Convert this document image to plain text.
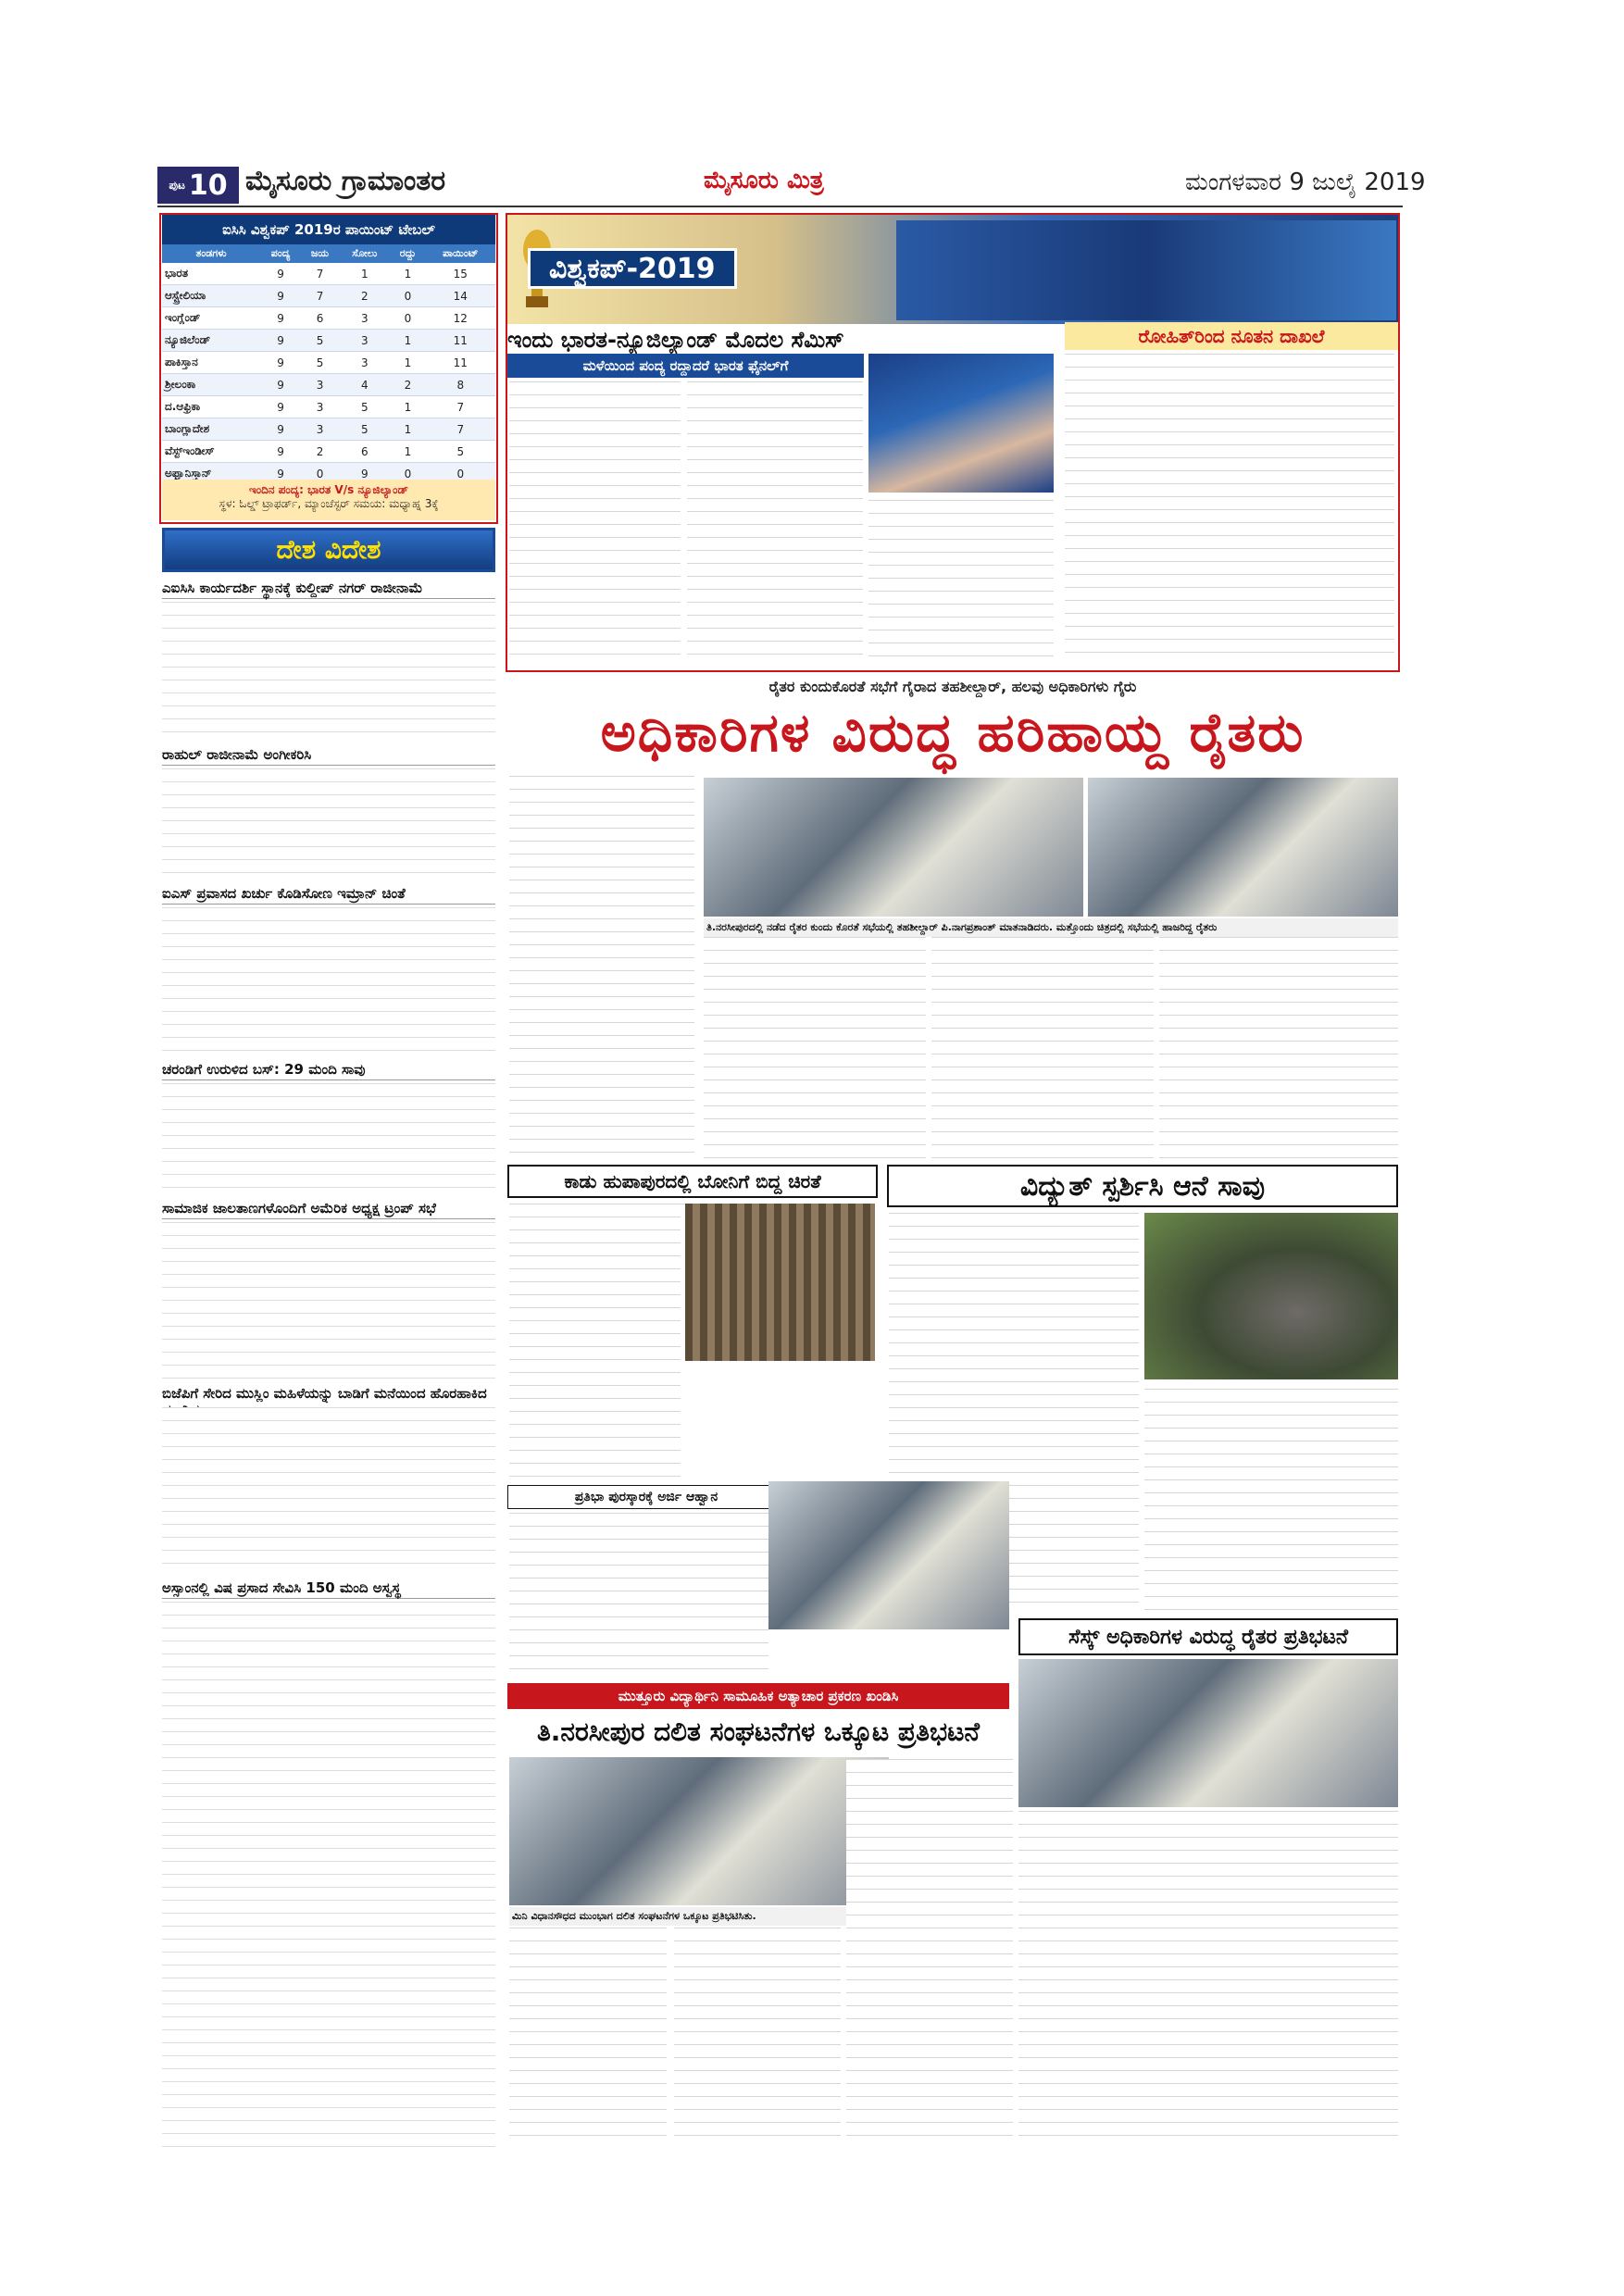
ಪುಟ 10 ಮೈಸೂರು ಗ್ರಾಮಾಂತರ	ಮೈಸೂರು ಮಿತ್ರ	ಮಂಗಳವಾರ 9 ಜುಲೈ 2019
ಐಸಿಸಿ ವಿಶ್ವಕಪ್ 2019ರ ಪಾಯಿಂಟ್ ಟೇಬಲ್
ತಂಡಗಳು	ಪಂದ್ಯ	ಜಯ	ಸೋಲು	ರದ್ದು	ಪಾಯಿಂಟ್
ಭಾರತ	9	7	1	1	15
ಆಸ್ಟ್ರೇಲಿಯಾ	9	7	2	0	14
ಇಂಗ್ಲೆಂಡ್	9	6	3	0	12
ನ್ಯೂಜಿಲೆಂಡ್	9	5	3	1	11
ಪಾಕಿಸ್ತಾನ	9	5	3	1	11
ಶ್ರೀಲಂಕಾ	9	3	4	2	8
ದ.ಆಫ್ರಿಕಾ	9	3	5	1	7
ಬಾಂಗ್ಲಾದೇಶ	9	3	5	1	7
ವೆಸ್ಟ್‌ಇಂಡೀಸ್	9	2	6	1	5
ಅಫ್ಘಾನಿಸ್ತಾನ್	9	0	9	0	0
ಇಂದಿನ ಪಂದ್ಯ: ಭಾರತ V/s ನ್ಯೂಜಿಲ್ಯಾಂಡ್
ಸ್ಥಳ: ಓಲ್ಡ್ ಟ್ರಾಫರ್ಡ್, ಮ್ಯಾಂಚೆಸ್ಟರ್ ಸಮಯ: ಮಧ್ಯಾಹ್ನ 3ಕ್ಕೆ
ದೇಶ ವಿದೇಶ
ಎಐಸಿಸಿ ಕಾರ್ಯದರ್ಶಿ ಸ್ಥಾನಕ್ಕೆ ಕುಲ್ದೀಪ್ ನಗರ್ ರಾಜೀನಾಮೆ
ರಾಹುಲ್ ರಾಜೀನಾಮೆ ಅಂಗೀಕರಿಸಿ
ಐಎಸ್ ಪ್ರವಾಸದ ಖರ್ಚು ಕೊಡಿಸೋಣ ಇಮ್ರಾನ್ ಚಿಂತೆ
ಚರಂಡಿಗೆ ಉರುಳಿದ ಬಸ್: 29 ಮಂದಿ ಸಾವು
ಸಾಮಾಜಿಕ ಜಾಲತಾಣಗಳೊಂದಿಗೆ ಅಮೆರಿಕ ಅಧ್ಯಕ್ಷ ಟ್ರಂಪ್ ಸಭೆ
ಬಿಜೆಪಿಗೆ ಸೇರಿದ ಮುಸ್ಲಿಂ ಮಹಿಳೆಯನ್ನು ಬಾಡಿಗೆ ಮನೆಯಿಂದ ಹೊರಹಾಕಿದ
ಅಸ್ಸಾಂನಲ್ಲಿ ವಿಷ ಪ್ರಸಾದ ಸೇವಿಸಿ 150 ಮಂದಿ ಅಸ್ವಸ್ಥ
ವಿಶ್ವಕಪ್-2019
ಇಂದು ಭಾರತ-ನ್ಯೂಜಿಲ್ಯಾಂಡ್ ಮೊದಲ ಸೆಮಿಸ್
ಮಳೆಯಿಂದ ಪಂದ್ಯ ರದ್ದಾದರೆ ಭಾರತ ಫೈನಲ್‌ಗೆ
ರೋಹಿತ್‌ರಿಂದ ನೂತನ ದಾಖಲೆ
ರೈತರ ಕುಂದುಕೊರತೆ ಸಭೆಗೆ ಗೈರಾದ ತಹಶೀಲ್ದಾರ್, ಹಲವು ಅಧಿಕಾರಿಗಳು ಗೈರು
ಅಧಿಕಾರಿಗಳ ವಿರುದ್ಧ ಹರಿಹಾಯ್ದ ರೈತರು
ತಿ.ನರಸೀಪುರದಲ್ಲಿ ನಡೆದ ರೈತರ ಕುಂದು ಕೊರತೆ ಸಭೆಯಲ್ಲಿ ತಹಶೀಲ್ದಾರ್ ಪಿ.ನಾಗಪ್ರಶಾಂತ್ ಮಾತನಾಡಿದರು. ಮತ್ತೊಂದು ಚಿತ್ರದಲ್ಲಿ ಸಭೆಯಲ್ಲಿ ಹಾಜರಿದ್ದ ರೈತರು
ಕಾಡು ಹುಪಾಪುರದಲ್ಲಿ ಬೋನಿಗೆ ಬಿದ್ದ ಚಿರತೆ	ವಿದ್ಯುತ್ ಸ್ಪರ್ಶಿಸಿ ಆನೆ ಸಾವು
ಪ್ರತಿಭಾ ಪುರಸ್ಕಾರಕ್ಕೆ ಅರ್ಜಿ ಆಹ್ವಾನ
ಸೆಸ್ಕ್ ಅಧಿಕಾರಿಗಳ ವಿರುದ್ಧ ರೈತರ ಪ್ರತಿಭಟನೆ
ಮುತ್ತೂರು ವಿದ್ಯಾರ್ಥಿನಿ ಸಾಮೂಹಿಕ ಅತ್ಯಾಚಾರ ಪ್ರಕರಣ ಖಂಡಿಸಿ
ತಿ.ನರಸೀಪುರ ದಲಿತ ಸಂಘಟನೆಗಳ ಒಕ್ಕೂಟ ಪ್ರತಿಭಟನೆ
ಮಿನಿ ವಿಧಾನಸೌಧದ ಮುಂಭಾಗ ದಲಿತ ಸಂಘಟನೆಗಳ ಒಕ್ಕೂಟ ಪ್ರತಿಭಟಿಸಿತು.
